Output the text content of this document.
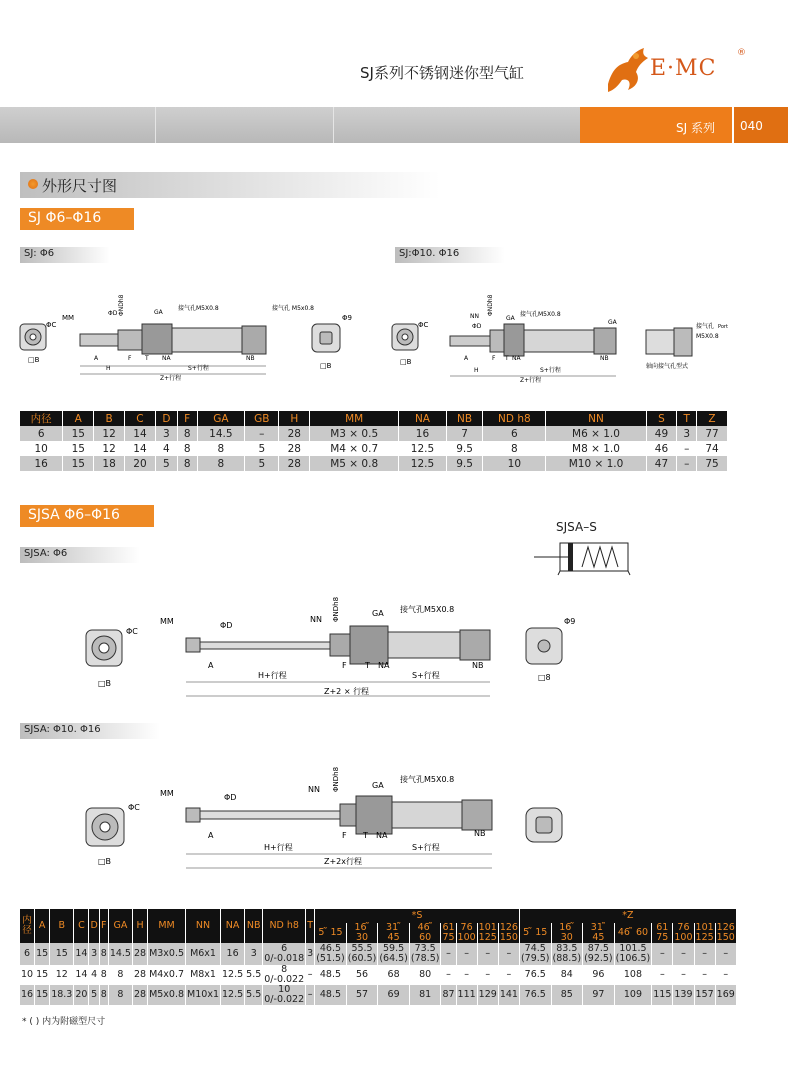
SJ系列不锈钢迷你型气缸	E·MC
®
SJ 系列	040
外形尺寸图
SJ Φ6–Φ16
SJ: Φ6	SJ:Φ10. Φ16
ΦC
□B
MM
ΦD ΦNDh8	GA
接气孔M5X0.8	接气孔 M5x0.8
A	F T NA	NB
H	S+行程
Z+行程
Φ9
□B
ΦC
□B
NN
ΦD
ΦNDh8
GA
接气孔M5X0.8
GA
A	F T NA	NB
H	S+行程
Z+行程
接气孔 Port
M5X0.8
轴向接气孔型式
内径	A	B	C	D	F	GA	GB	H	MM	NA	NB	ND h8	NN	S	T	Z
6	15	12	14	3	8	14.5	–	28	M3 × 0.5	16	7	6	M6 × 1.0	49	3	77
10	15	12	14	4	8	8	5	28	M4 × 0.7	12.5	9.5	8	M8 × 1.0	46	–	74
16	15	18	20	5	8	8	5	28	M5 × 0.8	12.5	9.5	10	M10 × 1.0	47	–	75
SJSA Φ6–Φ16
SJSA–S
SJSA: Φ6
ΦC
□B
MM	ΦD
NN ΦNDh8	GA 接气孔M5X0.8
A	F T NA	NB
H+行程	S+行程
Z+2 × 行程
Φ9
□8
SJSA: Φ10. Φ16
ΦC
□B
MM	ΦD
NN ΦNDh8	GA
接气孔M5X0.8
A	F T NA	NB
H+行程	S+行程
Z+2x行程
内径	A	B	C	D	F	GA	H	MM	NN	NA	NB	ND h8	T	*S								*Z							
														5 ̃ 15	16 ̃ 30	31 ̃ 45	46 ̃ 60	61 75	76 100	101 125	126 150	5 ̃ 15	16 ̃ 30	31 ̃ 45	46 ̃ 60	61 75	76 100	101 125	126 150
6	15	15	14	3	8	14.5	28	M3x0.5	M6x1	16	3	6 0/-0.018	3	46.5 (51.5)	55.5 (60.5)	59.5 (64.5)	73.5 (78.5)	–	–	–	–	74.5 (79.5)	83.5 (88.5)	87.5 (92.5)	101.5 (106.5)	–	–	–	–
10	15	12	14	4	8	8	28	M4x0.7	M8x1	12.5	5.5	8 0/-0.022	–	48.5	56	68	80	–	–	–	–	76.5	84	96	108	–	–	–	–
16	15	18.3	20	5	8	8	28	M5x0.8	M10x1	12.5	5.5	10 0/-0.022	–	48.5	57	69	81	87	111	129	141	76.5	85	97	109	115	139	157	169
* ( ) 内为附磁型尺寸
